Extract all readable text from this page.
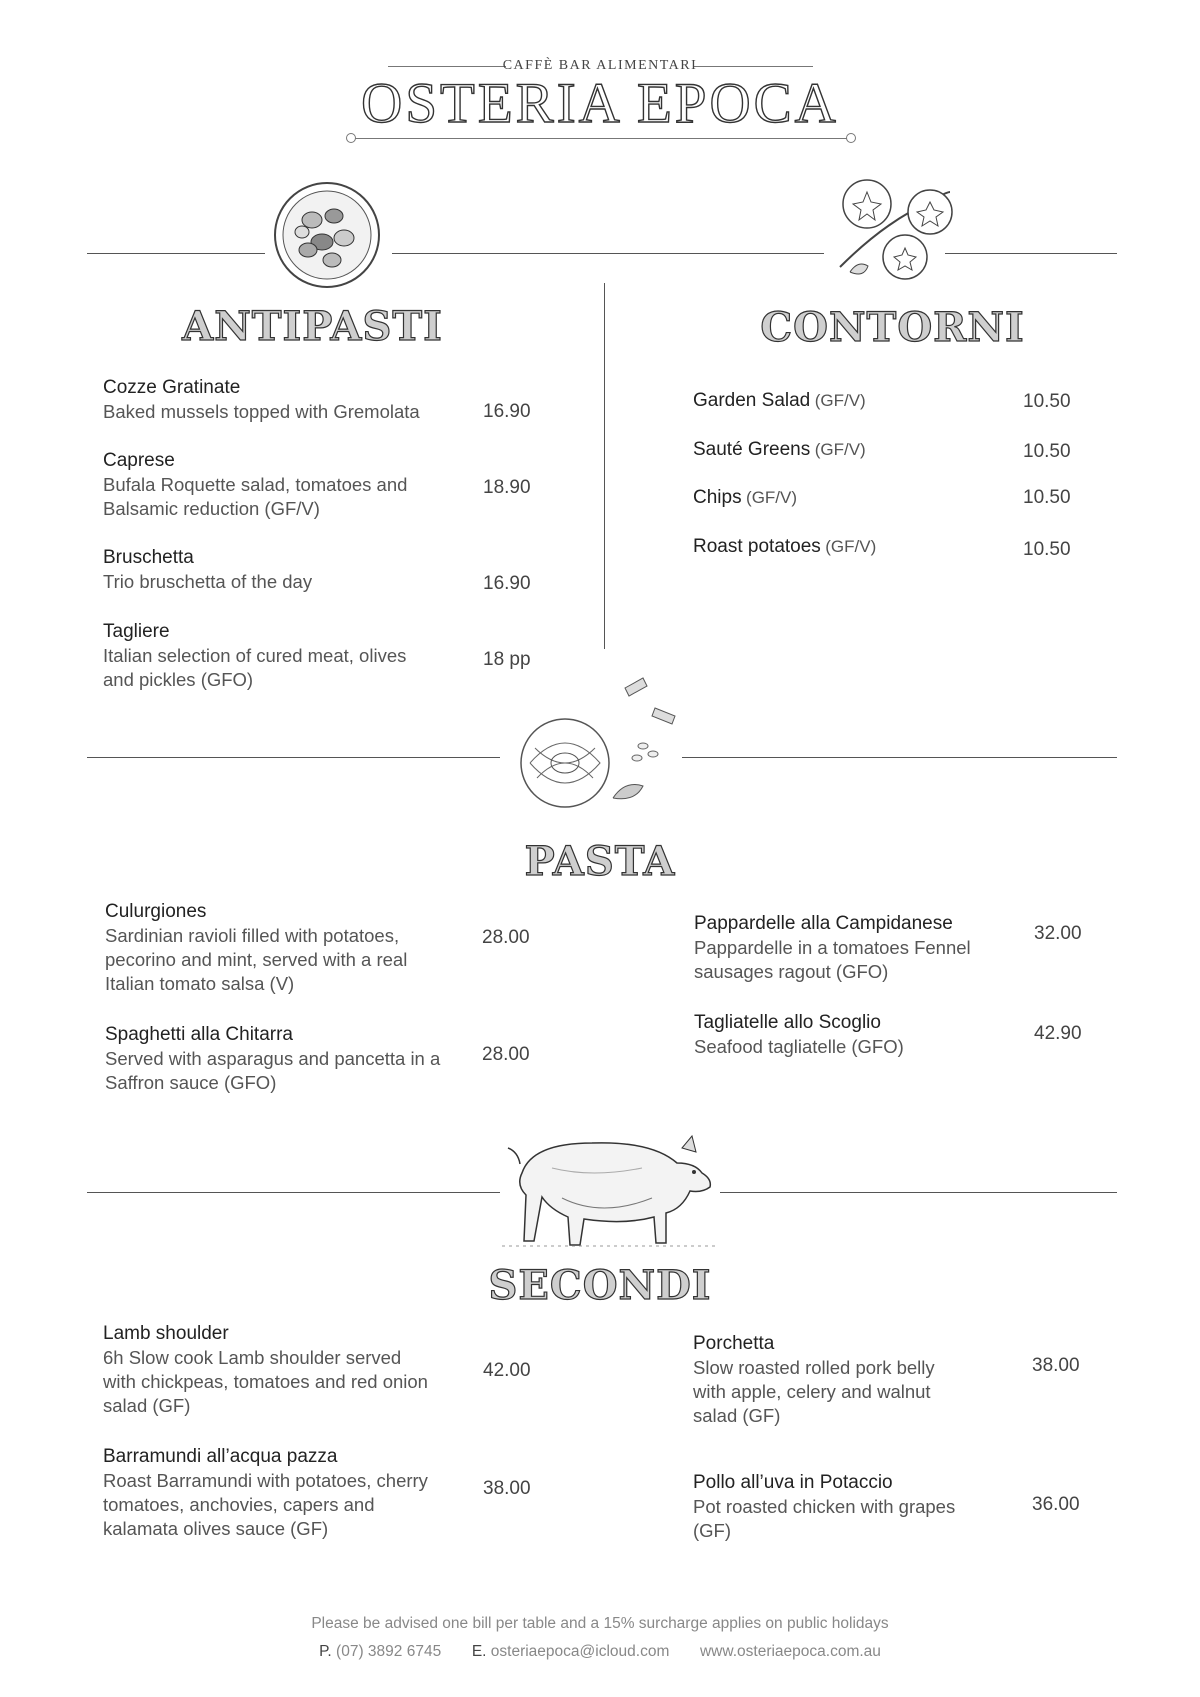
CAFFÈ BAR ALIMENTARI
OSTERIA EPOCA
ANTIPASTI
Cozze Gratinate
Baked mussels topped with Gremolata	16.90
Caprese
Bufala Roquette salad, tomatoes and Balsamic reduction (GF/V)
18.90
Bruschetta
Trio bruschetta of the day	16.90
Tagliere
Italian selection of cured meat, olives and pickles (GFO)
18 pp
CONTORNI
Garden Salad (GF/V)	10.50
Sauté Greens (GF/V)	10.50
Chips (GF/V)	10.50
Roast potatoes (GF/V)	10.50
PASTA
Culurgiones
Sardinian ravioli filled with potatoes, pecorino and mint, served with a real Italian tomato salsa (V)
28.00
Spaghetti alla Chitarra
Served with asparagus and pancetta in a Saffron sauce (GFO)
28.00
Pappardelle alla Campidanese
Pappardelle in a tomatoes Fennel sausages ragout (GFO)
32.00
Tagliatelle allo Scoglio
Seafood tagliatelle (GFO)
42.90
SECONDI
Lamb shoulder
6h Slow cook Lamb shoulder served with chickpeas, tomatoes and red onion salad (GF)
42.00
Barramundi all’acqua pazza
Roast Barramundi with potatoes, cherry tomatoes, anchovies, capers and kalamata olives sauce (GF)
38.00
Porchetta
Slow roasted rolled pork belly with apple, celery and walnut salad (GF)
38.00
Pollo all’uva in Potaccio
Pot roasted chicken with grapes (GF)
36.00
Please be advised one bill per table and a 15% surcharge applies on public holidays
P. (07) 3892 6745 E. osteriaepoca@icloud.com www.osteriaepoca.com.au
